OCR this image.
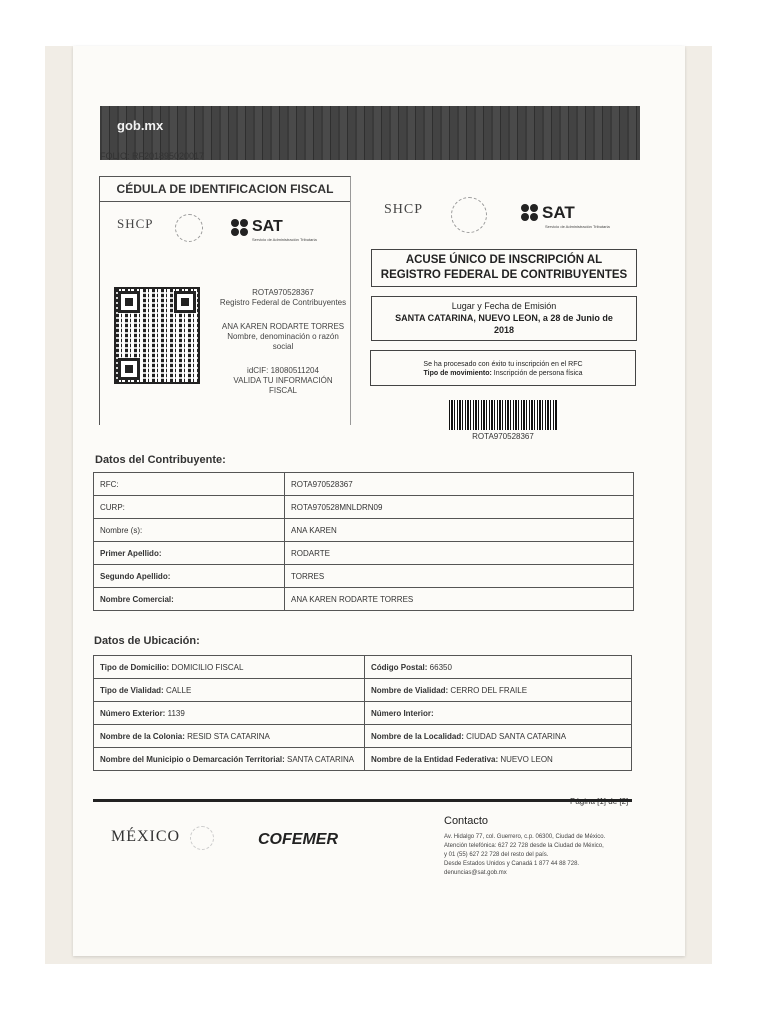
gob.mx
FOLIO: RF201895020017
CÉDULA DE IDENTIFICACION FISCAL
SHCP	SAT
Servicio de Administración Tributaria
ROTA970528367
Registro Federal de Contribuyentes
ANA KAREN RODARTE TORRES
Nombre, denominación o razón
social
idCIF: 18080511204
VALIDA TU INFORMACIÓN
FISCAL
SHCP	SAT
Servicio de Administración Tributaria
ACUSE ÚNICO DE INSCRIPCIÓN AL
REGISTRO FEDERAL DE CONTRIBUYENTES
Lugar y Fecha de Emisión
SANTA CATARINA, NUEVO LEON, a 28 de Junio de
2018
Se ha procesado con éxito tu inscripción en el RFC
Tipo de movimiento: Inscripción de persona física
ROTA970528367
Datos del Contribuyente:
RFC:	ROTA970528367
CURP:	ROTA970528MNLDRN09
Nombre (s):	ANA KAREN
Primer Apellido:	RODARTE
Segundo Apellido:	TORRES
Nombre Comercial:	ANA KAREN RODARTE TORRES
Datos de Ubicación:
Tipo de Domicilio: DOMICILIO FISCAL	Código Postal: 66350
Tipo de Vialidad: CALLE	Nombre de Vialidad: CERRO DEL FRAILE
Número Exterior: 1139	Número Interior:
Nombre de la Colonia: RESID STA CATARINA	Nombre de la Localidad: CIUDAD SANTA CATARINA
Nombre del Municipio o Demarcación Territorial: SANTA CATARINA	Nombre de la Entidad Federativa: NUEVO LEON
MÉXICO	COFEMER
Contacto
Av. Hidalgo 77, col. Guerrero, c.p. 06300, Ciudad de México.
Atención telefónica: 627 22 728 desde la Ciudad de México,
y 01 (55) 627 22 728 del resto del país.
Desde Estados Unidos y Canadá 1 877 44 88 728.
denuncias@sat.gob.mx
